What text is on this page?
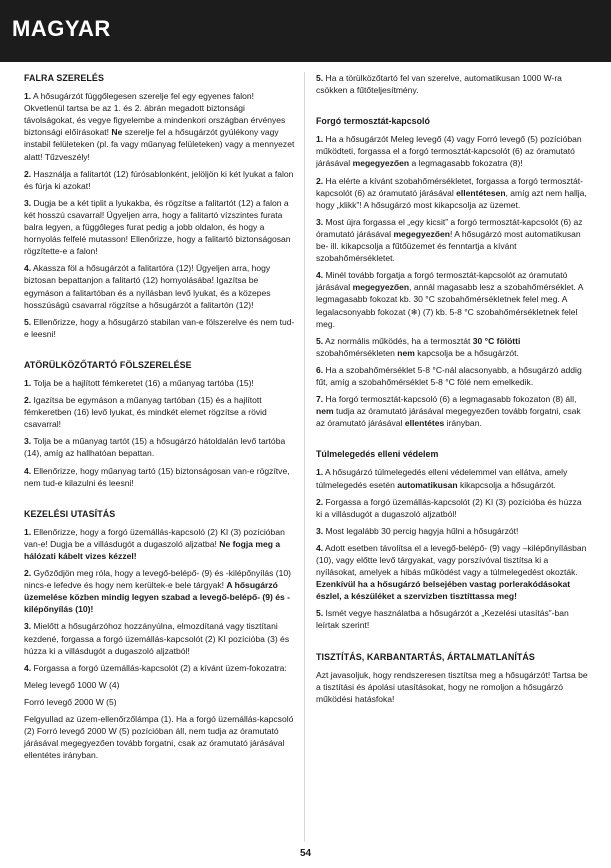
MAGYAR
FALRA SZERELÉS

1. A hősugárzót függőlegesen szerelje fel egy egyenes falon! Okvetlenül tartsa be az 1. és 2. ábrán megadott biztonsági távolságokat, és vegye figyelembe a mindenkori országban érvényes biztonsági előírásokat! Ne szerelje fel a hősugárzót gyúlékony vagy instabil felületeken (pl. fa vagy műanyag felületeken) vagy a mennyezet alatt! Tűzveszély!

2. Használja a falitartót (12) fúrósablonként, jelöljön ki két lyukat a falon és fúrja ki azokat!

3. Dugja be a két tiplit a lyukakba, és rögzítse a falitartót (12) a falon a két hosszú csavarral! Ügyeljen arra, hogy a falitartó vízszintes furata balra legyen, a függőleges furat pedig a jobb oldalon, és hogy a hornyolás felfelé mutasson! Ellenőrizze, hogy a falitartó biztonságosan rögzítette-e a falon!

4. Akassza föl a hősugárzót a falitartóra (12)! Ügyeljen arra, hogy biztosan bepattanjon a falitartó (12) hornyolásába! Igazítsa be egymáson a falitartóban és a nyílásban levő lyukat, és a közepes hosszúságú csavarral rögzítse a hősugárzót a falitartón (12)!

5. Ellenőrizze, hogy a hősugárzó stabilan van-e fölszerelve és nem tud-e leesni!

ATÖRÜLKÖZŐTARTÓ FÖLSZERELÉSE

1. Tolja be a hajlított fémkeretet (16) a műanyag tartóba (15)!

2. Igazítsa be egymáson a műanyag tartóban (15) és a hajlított fémkeretben (16) levő lyukat, és mindkét elemet rögzítse a rövid csavarral!

3. Tolja be a műanyag tartót (15) a hősugárzó hátoldalán levő tartóba (14), amíg az hallhatóan bepattan.

4. Ellenőrizze, hogy műanyag tartó (15) biztonságosan van-e rögzítve, nem tud-e kilazulni és leesni!

KEZELÉSI UTASÍTÁS

1. Ellenőrizze, hogy a forgó üzemállás-kapcsoló (2) KI (3) pozícióban van-e! Dugja be a villásdugót a dugaszoló aljzatba! Ne fogja meg a hálózati kábelt vizes kézzel!

2. Győződjön meg róla, hogy a levegő-belépő- (9) és -kilépőnyílás (10) nincs-e lefedve és hogy nem kerültek-e bele tárgyak! A hősugárzó üzemelése közben mindig legyen szabad a levegő-belépő- (9) és -kilépőnyílás (10)!

3. Mielőtt a hősugárzóhoz hozzányúlna, elmozdítaná vagy tisztítani kezdené, forgassa a forgó üzemállás-kapcsolót (2) KI pozícióba (3) és húzza ki a villásdugót a dugaszoló aljzatból!

4. Forgassa a forgó üzemállás-kapcsolót (2) a kívánt üzem-fokozatra:

Meleg levegő 1000 W (4)

Forró levegő 2000 W (5)

Felgyullad az üzem-ellenőrzőlámpa (1). Ha a forgó üzemállás-kapcsoló (2) Forró levegő 2000 W (5) pozícióban áll, nem tudja az óramutató járásával megegyezően tovább forgatni, csak az óramutató járásával ellentétes irányban.

5. Ha a törülközőtartó fel van szerelve, automatikusan 1000 W-ra csökken a fűtőteljesítmény.

Forgó termosztát-kapcsoló

1. Ha a hősugárzót Meleg levegő (4) vagy Forró levegő (5) pozícióban működteti, forgassa el a forgó termosztát-kapcsolót (6) az óramutató járásával megegyezően a legmagasabb fokozatra (8)!

2. Ha elérte a kívánt szobahőmérsékletet, forgassa a forgó termosztát-kapcsolót (6) az óramutató járásával ellentétesen, amíg azt nem hallja, hogy „klikk”! A hősugárzó most kikapcsolja az üzemet.

3. Most újra forgassa el „egy kicsit” a forgó termosztát-kapcsolót (6) az óramutató járásával megegyezően! A hősugárzó most automatikusan be- ill. kikapcsolja a fűtőüzemet és fenntartja a kívánt szobahőmérsékletet.

4. Minél tovább forgatja a forgó termosztát-kapcsolót az óramutató járásával megegyezően, annál magasabb lesz a szobahőmérséklet. A legmagasabb fokozat kb. 30 °C szobahőmérsékletnek felel meg. A legalacsonyabb fokozat (❄) (7) kb. 5-8 °C szobahőmérsékletnek felel meg.

5. Az normális működés, ha a termosztát 30 °C fölötti szobahőmérsékleten nem kapcsolja be a hősugárzót.

6. Ha a szobahőmérséklet 5-8 °C-nál alacsonyabb, a hősugárzó addig fűt, amíg a szobahőmérséklet 5-8 °C fölé nem emelkedik.

7. Ha forgó termosztát-kapcsoló (6) a legmagasabb fokozaton (8) áll, nem tudja az óramutató járásával megegyezően tovább forgatni, csak az óramutató járásával ellentétes irányban.

Túlmelegedés elleni védelem

1. A hősugárzó túlmelegedés elleni védelemmel van ellátva, amely túlmelegedés esetén automatikusan kikapcsolja a hősugárzót.

2. Forgassa a forgó üzemállás-kapcsolót (2) KI (3) pozícióba és húzza ki a villásdugót a dugaszoló aljzatból!

3. Most legalább 30 percig hagyja hűlni a hősugárzót!

4. Adott esetben távolítsa el a levegő-belépő- (9) vagy –kilépőnyílásban (10), vagy előtte levő tárgyakat, vagy porszívóval tisztítsa ki a nyílásokat, amelyek a hibás működést vagy a túlmelegedést okozták. Ezenkívül ha a hősugárzó belsejében vastag porlerakódásokat észlel, a készüléket a szervizben tisztíttassa meg!

5. Ismét vegye használatba a hősugárzót a „Kezelési utasítás”-ban leírtak szerint!

TISZTÍTÁS, KARBANTARTÁS, ÁRTALMATLANÍTÁS

Azt javasoljuk, hogy rendszeresen tisztítsa meg a hősugárzót! Tartsa be a tisztítási és ápolási utasításokat, hogy ne romoljon a hősugárzó működési hatásfoka!

54
